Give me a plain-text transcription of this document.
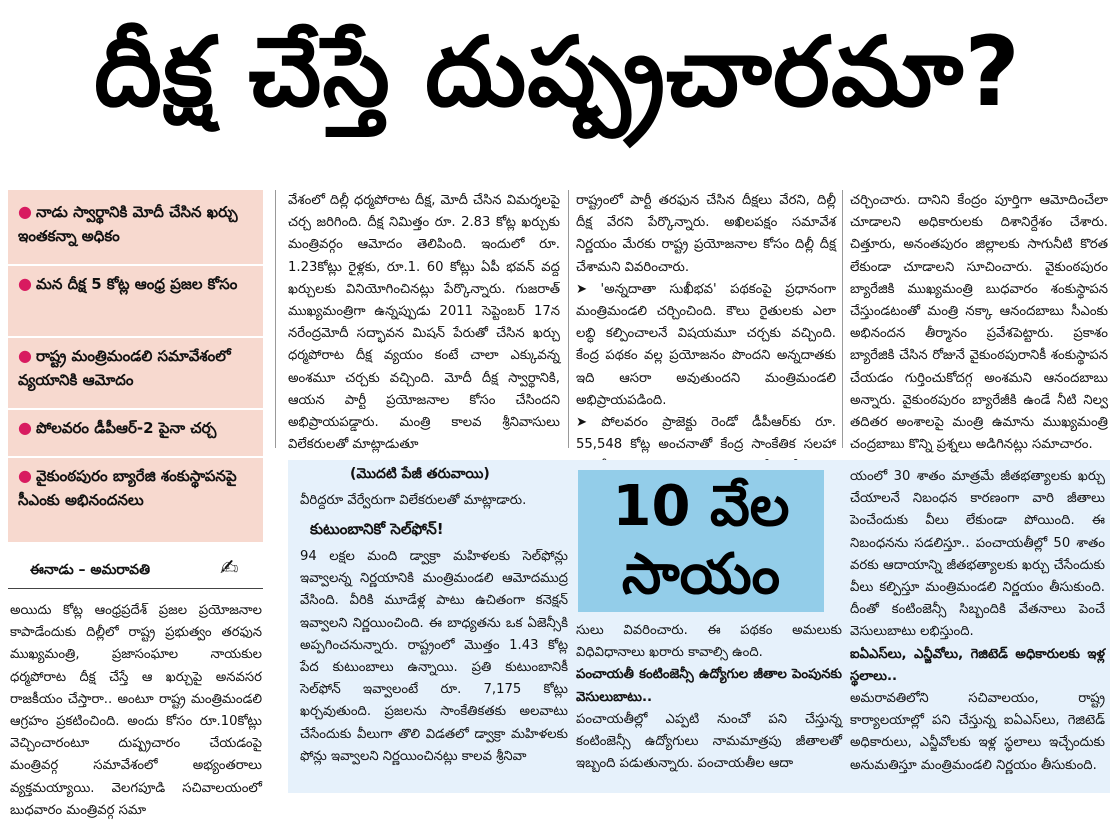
దీక్ష చేస్తే దుష్ప్రచారమా?
● నాడు స్వార్థానికి మోదీ చేసిన ఖర్చు ఇంతకన్నా అధికం
● మన దీక్ష 5 కోట్ల ఆంధ్ర ప్రజల కోసం
● రాష్ట్ర మంత్రిమండలి సమావేశంలో వ్యయానికి ఆమోదం
● పోలవరం డీపీఆర్‌-2 పైనా చర్చ
● వైకుంఠపురం బ్యారేజి శంకుస్థాపనపై సీఎంకు అభినందనలు
ఈనాడు – అమరావతి	✍
అయిదు కోట్ల ఆంధ్రప్రదేశ్‌ ప్రజల ప్రయోజనాల కాపాడేందుకు దిల్లీలో రాష్ట్ర ప్రభుత్వం తరఫున ముఖ్యమంత్రి, ప్రజాసంఘాల నాయకుల ధర్మపోరాట దీక్ష చేస్తే ఆ ఖర్చుపై అనవసర రాజకీయం చేస్తారా.. అంటూ రాష్ట్ర మంత్రిమండలి ఆగ్రహం ప్రకటించింది. అందు కోసం రూ.10కోట్లు వెచ్చించారంటూ దుష్ప్రచారం చేయడంపై మంత్రివర్గ సమావేశంలో అభ్యంతరాలు వ్యక్తమయ్యాయి. వెలగపూడి సచివాలయంలో బుధవారం మంత్రివర్గ సమా
వేశంలో దిల్లీ ధర్మపోరాట దీక్ష, మోదీ చేసిన విమర్శలపై చర్చ జరిగింది. దీక్ష నిమిత్తం రూ. 2.83 కోట్ల ఖర్చుకు మంత్రివర్గం ఆమోదం తెలిపింది. ఇందులో రూ. 1.23కోట్లు రైళ్లకు, రూ.1. 60 కోట్లు ఏపీ భవన్‌ వద్ద ఖర్చులకు వినియోగించినట్లు పేర్కొన్నారు. గుజరాత్‌ ముఖ్యమంత్రిగా ఉన్నప్పుడు 2011 సెప్టెంబర్‌ 17న నరేంద్రమోదీ సద్భావన మిషన్‌ పేరుతో చేసిన ఖర్చు ధర్మపోరాట దీక్ష వ్యయం కంటే చాలా ఎక్కువన్న అంశమూ చర్చకు వచ్చింది. మోదీ దీక్ష స్వార్థానికి, ఆయన పార్టీ ప్రయోజనాల కోసం చేసిందని అభిప్రాయపడ్డారు. మంత్రి కాలవ శ్రీనివాసులు విలేకరులతో మాట్లాడుతూ

రాష్ట్రంలో పార్టీ తరఫున చేసిన దీక్షలు వేరని, దిల్లీ దీక్ష వేరని పేర్కొన్నారు. అఖిలపక్షం సమావేశ నిర్ణయం మేరకు రాష్ట్ర ప్రయోజనాల కోసం దిల్లీ దీక్ష చేశామని వివరించారు.

➤ 'అన్నదాతా సుఖీభవ' పథకంపై ప్రధానంగా మంత్రిమండలి చర్చించింది. కౌలు రైతులకు ఎలా లబ్ధి కల్పించాలనే విషయమూ చర్చకు వచ్చింది. కేంద్ర పథకం వల్ల ప్రయోజనం పొందని అన్నదాతకు ఇది ఆసరా అవుతుందని మంత్రిమండలి అభిప్రాయపడింది.

➤ పోలవరం ప్రాజెక్టు రెండో డీపీఆర్‌కు రూ. 55,548 కోట్ల అంచనాతో కేంద్ర సాంకేతిక సలహా

చర్చించారు. దానిని కేంద్రం పూర్తిగా ఆమోదించేలా చూడాలని అధికారులకు దిశానిర్దేశం చేశారు. చిత్తూరు, అనంతపురం జిల్లాలకు సాగునీటి కొరత లేకుండా చూడాలని సూచించారు. వైకుంఠపురం బ్యారేజికి ముఖ్యమంత్రి బుధవారం శంకుస్థాపన చేస్తుండటంతో మంత్రి నక్కా ఆనందబాబు సీఎంకు అభినందన తీర్మానం ప్రవేశపెట్టారు. ప్రకాశం బ్యారేజికి చేసిన రోజునే వైకుంఠపురానికీ శంకుస్థాపన చేయడం గుర్తించుకోదగ్గ అంశమని ఆనందబాబు అన్నారు. వైకుంఠపురం బ్యారేజీకి ఉండే నీటి నిల్వ తదితర అంశాలపై మంత్రి ఉమాను ముఖ్యమంత్రి చంద్రబాబు కొన్ని ప్రశ్నలు అడిగినట్లు సమాచారం.
(మొదటి పేజీ తరువాయి)
వీరిద్దరూ వేర్వేరుగా విలేకరులతో మాట్లాడారు.
కుటుంబానికో సెల్‌ఫోన్‌!
94 లక్షల మంది డ్వాక్రా మహిళలకు సెల్‌ఫోన్లు ఇవ్వాలన్న నిర్ణయానికి మంత్రిమండలి ఆమోదముద్ర వేసింది. వీరికి మూడేళ్ల పాటు ఉచితంగా కనెక్షన్‌ ఇవ్వాలని నిర్ణయించింది. ఈ బాధ్యతను ఒక ఏజెన్సీకి అప్పగించనున్నారు. రాష్ట్రంలో మొత్తం 1.43 కోట్ల పేద కుటుంబాలు ఉన్నాయి. ప్రతి కుటుంబానికీ సెల్‌ఫోన్‌ ఇవ్వాలంటే రూ. 7,175 కోట్లు ఖర్చవుతుంది. ప్రజలను సాంకేతికతకు అలవాటు చేసేందుకు వీలుగా తొలి విడతలో డ్వాక్రా మహిళలకు ఫోన్లు ఇవ్వాలని నిర్ణయించినట్లు కాలవ శ్రీనివా
10 వేల
సాయం

సులు వివరించారు. ఈ పథకం అమలుకు విధివిధానాలు ఖరారు కావాల్సి ఉంది.

పంచాయతీ కంటింజెన్సీ ఉద్యోగుల జీతాల పెంపునకు వెసులుబాటు..

పంచాయతీల్లో ఎప్పటి నుంచో పని చేస్తున్న కంటింజెన్సీ ఉద్యోగులు నామమాత్రపు జీతాలతో ఇబ్బంది పడుతున్నారు. పంచాయతీల ఆదా

యంలో 30 శాతం మాత్రమే జీతభత్యాలకు ఖర్చు చేయాలనే నిబంధన కారణంగా వారి జీతాలు పెంచేందుకు వీలు లేకుండా పోయింది. ఈ నిబంధనను సడలిస్తూ.. పంచాయతీల్లో 50 శాతం వరకు ఆదాయాన్ని జీతభత్యాలకు ఖర్చు చేసేందుకు వీలు కల్పిస్తూ మంత్రిమండలి నిర్ణయం తీసుకుంది. దీంతో కంటింజెన్సీ సిబ్బందికి వేతనాలు పెంచే వెసులుబాటు లభిస్తుంది.

ఐఏఎస్‌లు, ఎన్జీవోలు, గెజిటెడ్‌ అధికారులకు ఇళ్ల స్థలాలు..

అమరావతిలోని సచివాలయం, రాష్ట్ర కార్యాలయాల్లో పని చేస్తున్న ఐఏఎస్‌లు, గెజిటెడ్‌ అధికారులు, ఎన్జీవోలకు ఇళ్ల స్థలాలు ఇచ్చేందుకు అనుమతిస్తూ మంత్రిమండలి నిర్ణయం తీసుకుంది.
